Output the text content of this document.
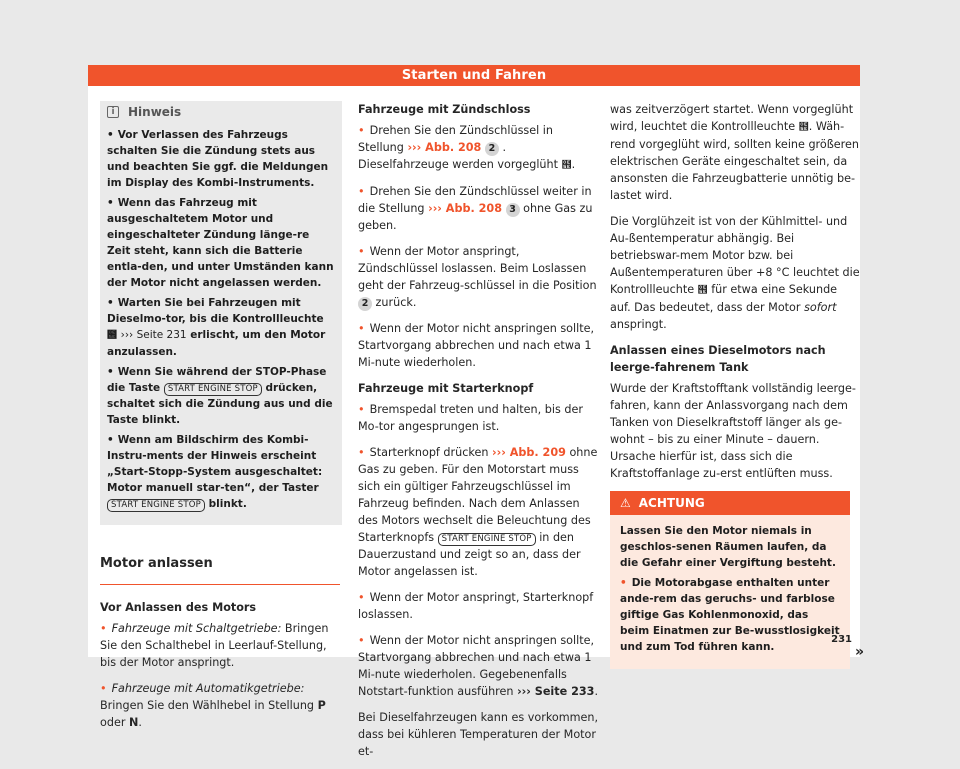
Starten und Fahren
i	Hinweis

• Vor Verlassen des Fahrzeugs schalten Sie die Zündung stets aus und beachten Sie ggf. die Meldungen im Display des Kombi-Instruments.

• Wenn das Fahrzeug mit ausgeschaltetem Motor und eingeschalteter Zündung länge-re Zeit steht, kann sich die Batterie entla-den, und unter Umständen kann der Motor nicht angelassen werden.

• Warten Sie bei Fahrzeugen mit Dieselmo-tor, bis die Kontrollleuchte ๞ ››› Seite 231 erlischt, um den Motor anzulassen.

• Wenn Sie während der STOP-Phase die Taste START ENGINE STOP drücken, schaltet sich die Zündung aus und die Taste blinkt.

• Wenn am Bildschirm des Kombi-Instru-ments der Hinweis erscheint „Start-Stopp-System ausgeschaltet: Motor manuell star-ten“, der Taster START ENGINE STOP blinkt.

Motor anlassen
Vor Anlassen des Motors

• Fahrzeuge mit Schaltgetriebe: Bringen Sie den Schalthebel in Leerlauf-Stellung, bis der Motor anspringt.

• Fahrzeuge mit Automatikgetriebe: Bringen Sie den Wählhebel in Stellung P oder N.

Fahrzeuge mit Zündschloss

• Drehen Sie den Zündschlüssel in Stellung ››› Abb. 208 2 . Dieselfahrzeuge werden vorgeglüht ๞.

• Drehen Sie den Zündschlüssel weiter in die Stellung ››› Abb. 208 3 ohne Gas zu geben.

• Wenn der Motor anspringt, Zündschlüssel loslassen. Beim Loslassen geht der Fahrzeug-schlüssel in die Position 2 zurück.

• Wenn der Motor nicht anspringen sollte, Startvorgang abbrechen und nach etwa 1 Mi-nute wiederholen.

Fahrzeuge mit Starterknopf

• Bremspedal treten und halten, bis der Mo-tor angesprungen ist.

• Starterknopf drücken ››› Abb. 209 ohne Gas zu geben. Für den Motorstart muss sich ein gültiger Fahrzeugschlüssel im Fahrzeug befinden. Nach dem Anlassen des Motors wechselt die Beleuchtung des Starterknopfs START ENGINE STOP in den Dauerzustand und zeigt so an, dass der Motor angelassen ist.

• Wenn der Motor anspringt, Starterknopf loslassen.

• Wenn der Motor nicht anspringen sollte, Startvorgang abbrechen und nach etwa 1 Mi-nute wiederholen. Gegebenenfalls Notstart-funktion ausführen ››› Seite 233.

Bei Dieselfahrzeugen kann es vorkommen, dass bei kühleren Temperaturen der Motor et-

was zeitverzögert startet. Wenn vorgeglüht wird, leuchtet die Kontrollleuchte ๞. Wäh-rend vorgeglüht wird, sollten keine größeren elektrischen Geräte eingeschaltet sein, da ansonsten die Fahrzeugbatterie unnötig be-lastet wird.

Die Vorglühzeit ist von der Kühlmittel- und Au-ßentemperatur abhängig. Bei betriebswar-mem Motor bzw. bei Außentemperaturen über +8 °C leuchtet die Kontrollleuchte ๞ für etwa eine Sekunde auf. Das bedeutet, dass der Motor sofort anspringt.

Anlassen eines Dieselmotors nach leerge-fahrenem Tank

Wurde der Kraftstofftank vollständig leerge-fahren, kann der Anlassvorgang nach dem Tanken von Dieselkraftstoff länger als ge-wohnt – bis zu einer Minute – dauern. Ursache hierfür ist, dass sich die Kraftstoffanlage zu-erst entlüften muss.

⚠ ACHTUNG

Lassen Sie den Motor niemals in geschlos-senen Räumen laufen, da die Gefahr einer Vergiftung besteht.

• Die Motorabgase enthalten unter ande-rem das geruchs- und farblose giftige Gas Kohlenmonoxid, das beim Einatmen zur Be-wusstlosigkeit und zum Tod führen kann.	»
231
